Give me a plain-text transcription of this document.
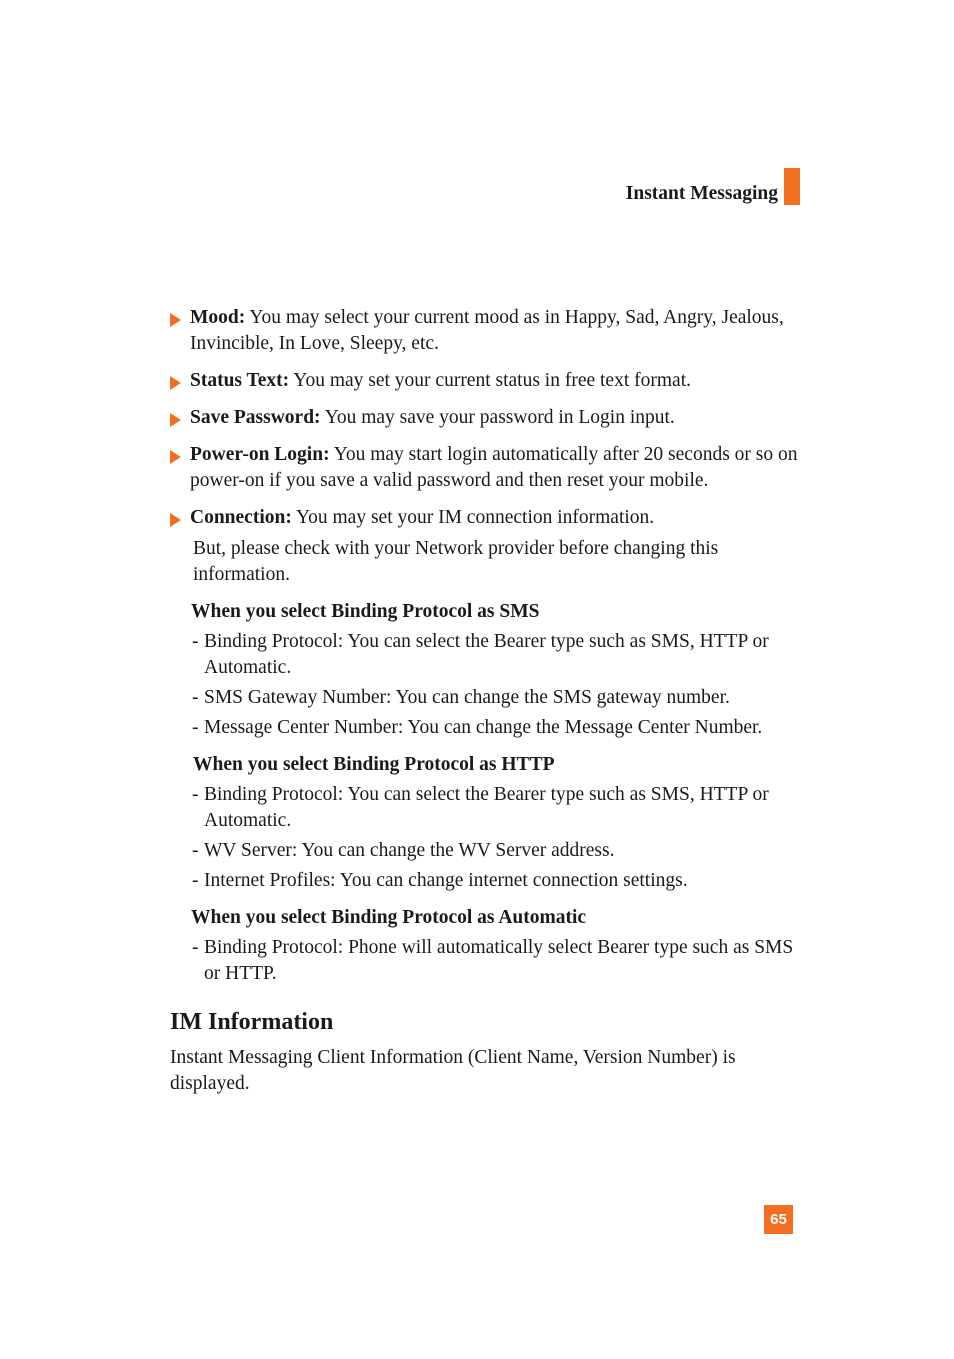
Instant Messaging
Mood: You may select your current mood as in Happy, Sad, Angry, Jealous, Invincible, In Love, Sleepy, etc.
Status Text: You may set your current status in free text format.
Save Password: You may save your password in Login input.
Power-on Login: You may start login automatically after 20 seconds or so on power-on if you save a valid password and then reset your mobile.
Connection: You may set your IM connection information.
But, please check with your Network provider before changing this information.
When you select Binding Protocol as SMS
- Binding Protocol: You can select the Bearer type such as SMS, HTTP or Automatic.
- SMS Gateway Number: You can change the SMS gateway number.
- Message Center Number: You can change the Message Center Number.
When you select Binding Protocol as HTTP
- Binding Protocol: You can select the Bearer type such as SMS, HTTP or Automatic.
- WV Server: You can change the WV Server address.
- Internet Profiles: You can change internet connection settings.
When you select Binding Protocol as Automatic
- Binding Protocol: Phone will automatically select Bearer type such as SMS or HTTP.
IM Information
Instant Messaging Client Information (Client Name, Version Number) is displayed.
65
